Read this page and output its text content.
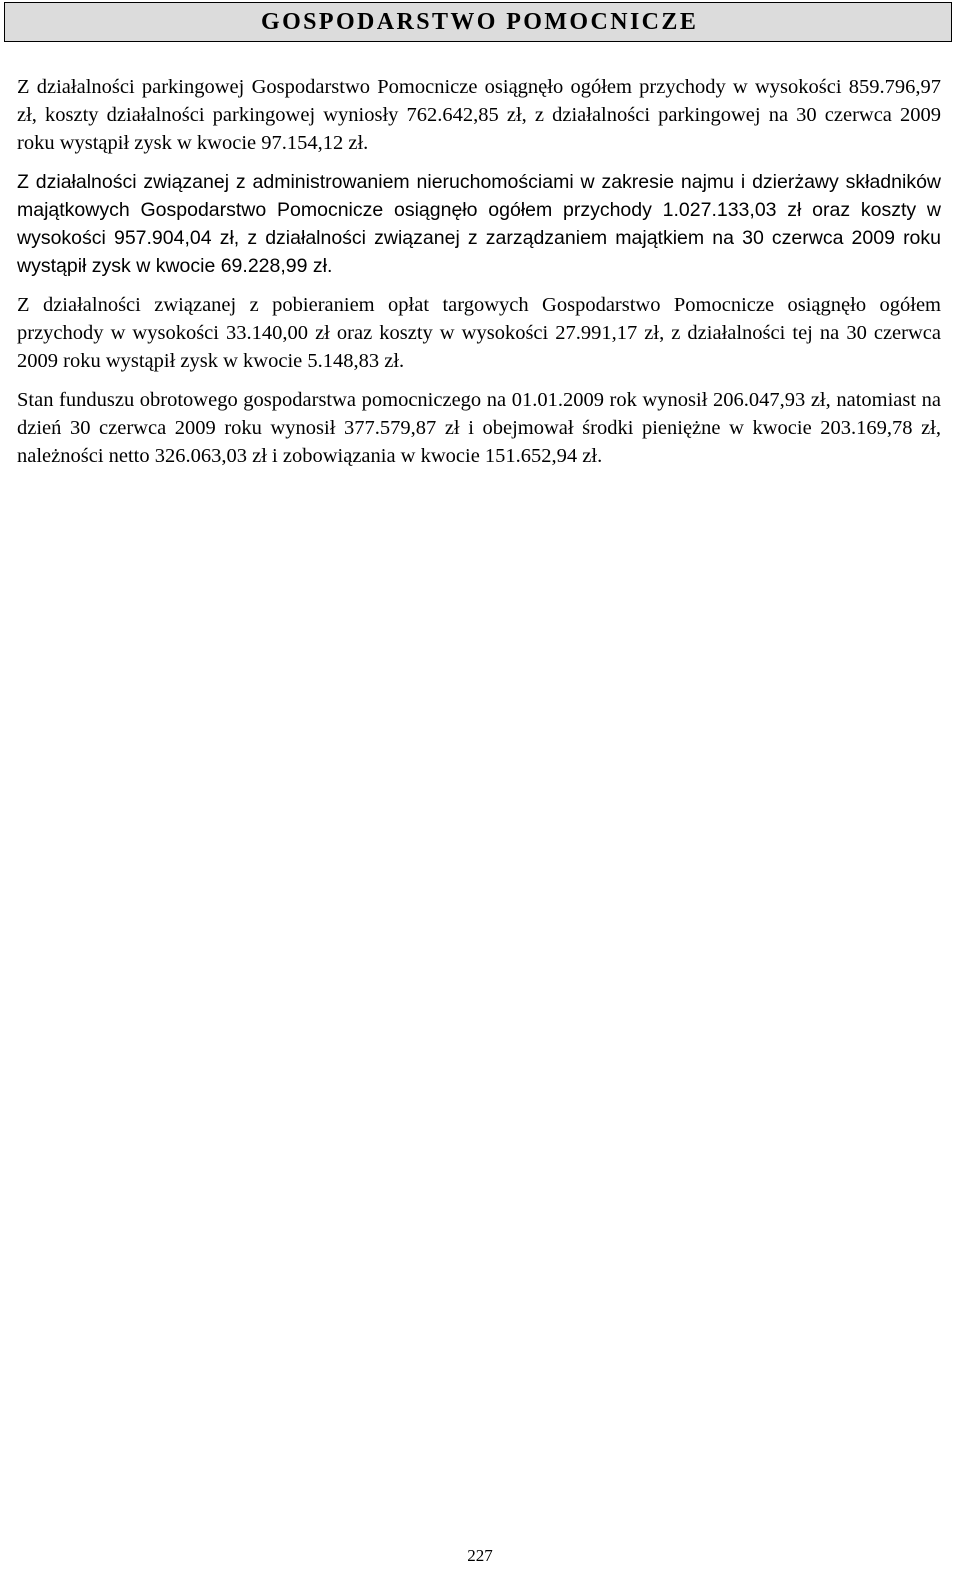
GOSPODARSTWO POMOCNICZE

Z działalności parkingowej Gospodarstwo Pomocnicze osiągnęło ogółem przychody w wysokości 859.796,97 zł, koszty działalności parkingowej wyniosły 762.642,85 zł, z działalności parkingowej na 30 czerwca 2009 roku wystąpił zysk w kwocie 97.154,12 zł.

Z działalności związanej z administrowaniem nieruchomościami w zakresie najmu i dzierżawy składników majątkowych Gospodarstwo Pomocnicze osiągnęło ogółem przychody 1.027.133,03 zł oraz koszty w wysokości 957.904,04 zł, z działalności związanej z zarządzaniem majątkiem na 30 czerwca 2009 roku wystąpił zysk w kwocie 69.228,99 zł.

Z działalności związanej z pobieraniem opłat targowych Gospodarstwo Pomocnicze osiągnęło ogółem przychody w wysokości 33.140,00 zł oraz koszty w wysokości 27.991,17 zł, z działalności tej na 30 czerwca 2009 roku wystąpił zysk w kwocie 5.148,83 zł.

Stan funduszu obrotowego gospodarstwa pomocniczego na 01.01.2009 rok wynosił 206.047,93 zł, natomiast na dzień 30 czerwca 2009 roku wynosił 377.579,87 zł i obejmował środki pieniężne w kwocie 203.169,78 zł, należności netto 326.063,03 zł i zobowiązania w kwocie 151.652,94 zł.

227
